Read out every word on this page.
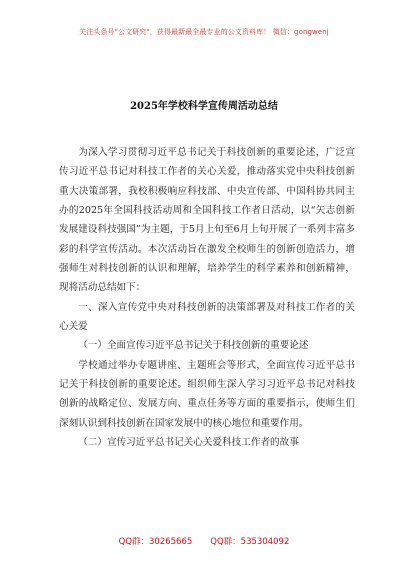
关注头条号"公文研究"，获得最新最全最专业的公文资料库！ 微信：gongwenj
2025年学校科学宣传周活动总结

为深入学习贯彻习近平总书记关于科技创新的重要论述，广泛宣传习近平总书记对科技工作者的关心关爱，推动落实党中央科技创新重大决策部署，我校积极响应科技部、中央宣传部、中国科协共同主办的2025年全国科技活动周和全国科技工作者日活动，以“矢志创新发展建设科技强国”为主题，于5月上旬至6月上旬开展了一系列丰富多彩的科学宣传活动。本次活动旨在激发全校师生的创新创造活力，增强师生对科技创新的认识和理解，培养学生的科学素养和创新精神，现将活动总结如下：

一、深入宣传党中央对科技创新的决策部署及对科技工作者的关心关爱

（一）全面宣传习近平总书记关于科技创新的重要论述

学校通过举办专题讲座、主题班会等形式，全面宣传习近平总书记关于科技创新的重要论述。组织师生深入学习习近平总书记对科技创新的战略定位、发展方向、重点任务等方面的重要指示，使师生们深刻认识到科技创新在国家发展中的核心地位和重要作用。

（二）宣传习近平总书记关心关爱科技工作者的故事

QQ群：30265665 QQ群：535304092
